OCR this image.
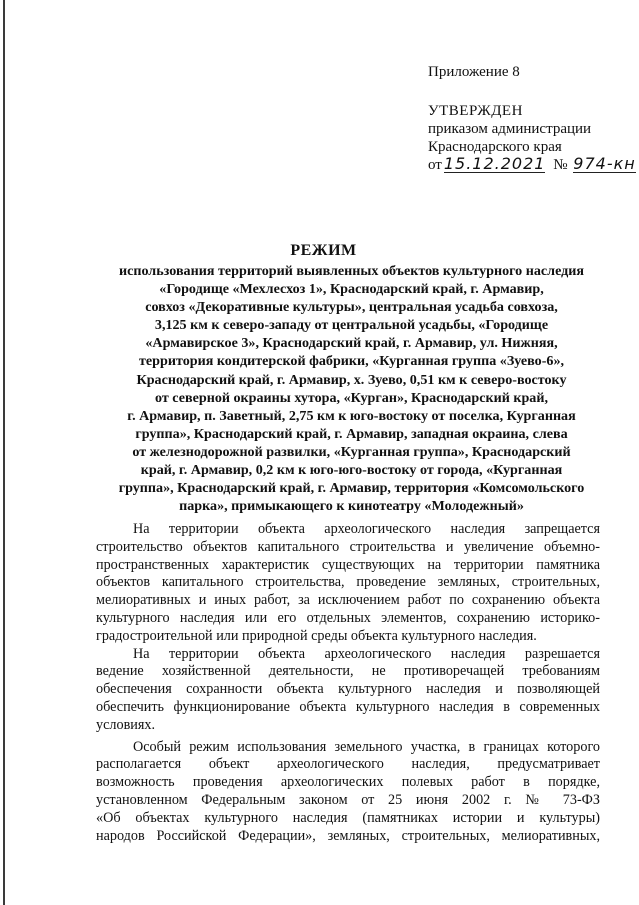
Приложение 8
УТВЕРЖДЕН
приказом администрации
Краснодарского края
от 15.12.2021 № 974-кн
РЕЖИМ
использования территорий выявленных объектов культурного наследия
«Городище «Мехлесхоз 1», Краснодарский край, г. Армавир,
совхоз «Декоративные культуры», центральная усадьба совхоза,
3,125 км к северо-западу от центральной усадьбы, «Городище
«Армавирское 3», Краснодарский край, г. Армавир, ул. Нижняя,
территория кондитерской фабрики, «Курганная группа «Зуево-6»,
Краснодарский край, г. Армавир, х. Зуево, 0,51 км к северо-востоку
от северной окраины хутора, «Курган», Краснодарский край,
г. Армавир, п. Заветный, 2,75 км к юго-востоку от поселка, Курганная
группа», Краснодарский край, г. Армавир, западная окраина, слева
от железнодорожной развилки, «Курганная группа», Краснодарский
край, г. Армавир, 0,2 км к юго-юго-востоку от города, «Курганная
группа», Краснодарский край, г. Армавир, территория «Комсомольского
парка», примыкающего к кинотеатру «Молодежный»
На территории объекта археологического наследия запрещается
строительство объектов капитального строительства и увеличение объемно-
пространственных характеристик существующих на территории памятника
объектов капитального строительства, проведение земляных, строительных,
мелиоративных и иных работ, за исключением работ по сохранению объекта
культурного наследия или его отдельных элементов, сохранению историко-
градостроительной или природной среды объекта культурного наследия.
На территории объекта археологического наследия разрешается
ведение хозяйственной деятельности, не противоречащей требованиям
обеспечения сохранности объекта культурного наследия и позволяющей
обеспечить функционирование объекта культурного наследия в современных
условиях.
Особый режим использования земельного участка, в границах которого
располагается объект археологического наследия, предусматривает
возможность проведения археологических полевых работ в порядке,
установленном Федеральным законом от 25 июня 2002 г. № 73-ФЗ
«Об объектах культурного наследия (памятниках истории и культуры)
народов Российской Федерации», земляных, строительных, мелиоративных,
